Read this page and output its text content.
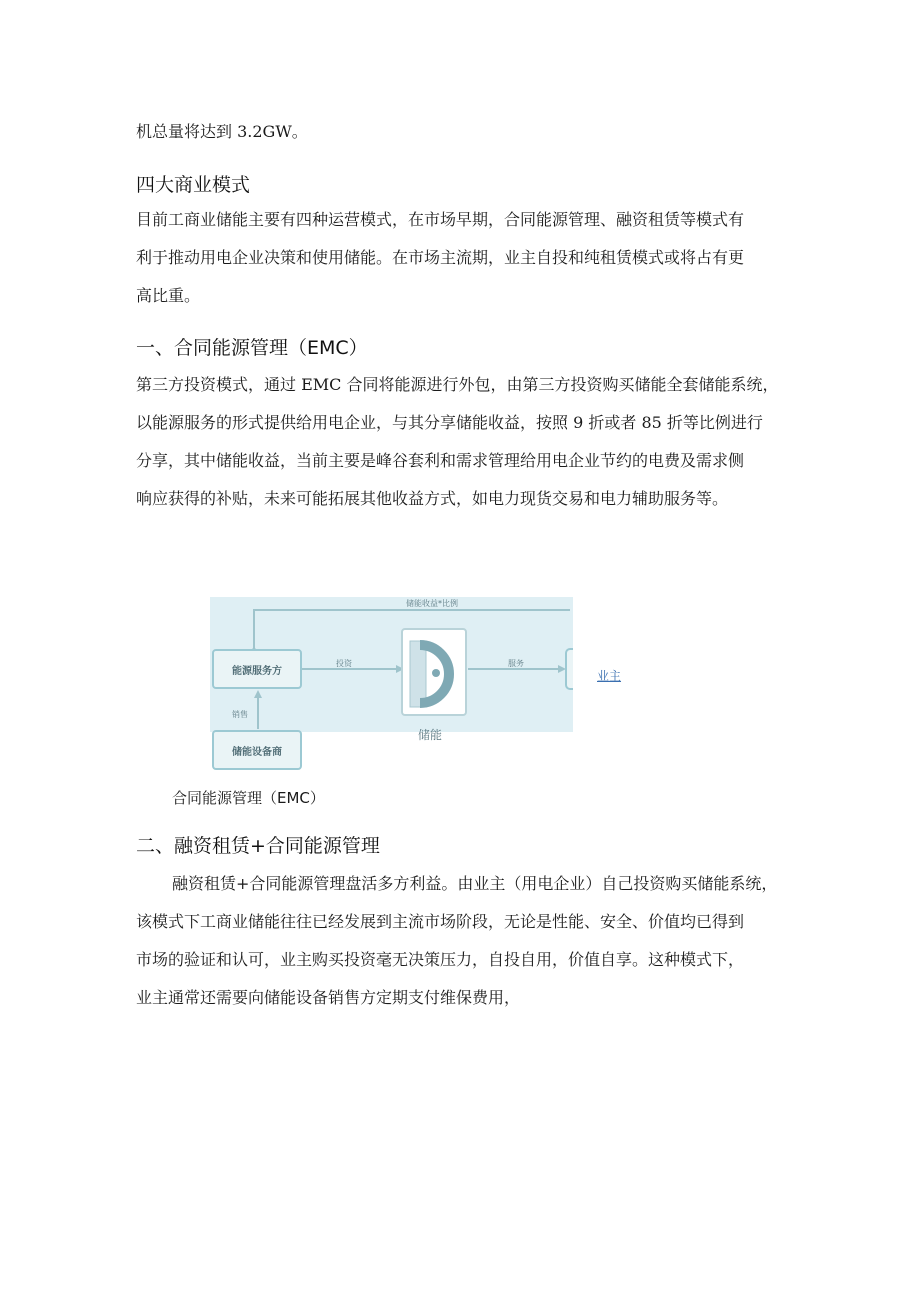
机总量将达到 3.2GW。

四大商业模式

目前工商业储能主要有四种运营模式，在市场早期，合同能源管理、融资租赁等模式有

利于推动用电企业决策和使用储能。在市场主流期，业主自投和纯租赁模式或将占有更

高比重。

一、合同能源管理（EMC）

第三方投资模式，通过 EMC 合同将能源进行外包，由第三方投资购买储能全套储能系统，

以能源服务的形式提供给用电企业，与其分享储能收益，按照 9 折或者 85 折等比例进行

分享，其中储能收益，当前主要是峰谷套利和需求管理给用电企业节约的电费及需求侧

响应获得的补贴，未来可能拓展其他收益方式，如电力现货交易和电力辅助服务等。

能源服务方
储能收益*比例
投资	服务
销售
储能设备商
储能
业主

合同能源管理（EMC）

二、融资租赁+合同能源管理

融资租赁+合同能源管理盘活多方利益。由业主（用电企业）自己投资购买储能系统，

该模式下工商业储能往往已经发展到主流市场阶段，无论是性能、安全、价值均已得到

市场的验证和认可，业主购买投资毫无决策压力，自投自用，价值自享。这种模式下，

业主通常还需要向储能设备销售方定期支付维保费用，
